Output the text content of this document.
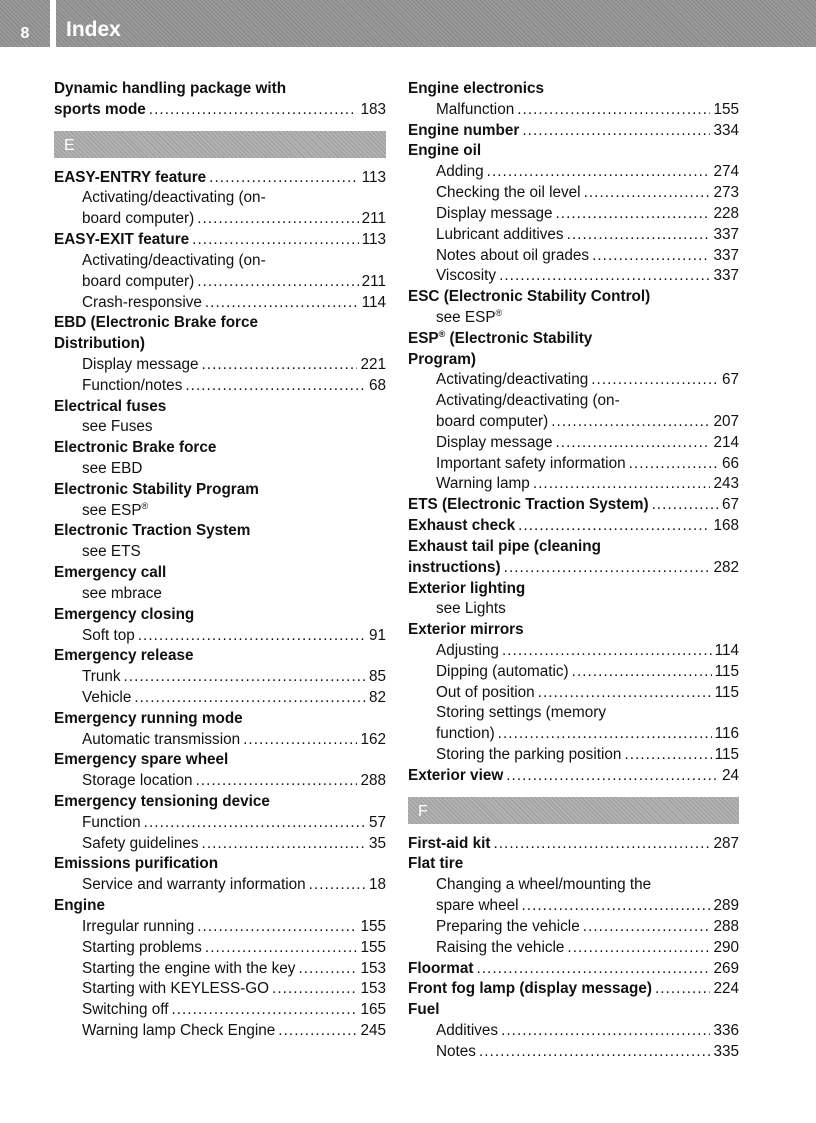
8	Index
Dynamic handling package with
sports mode . . .	183
E
EASY-ENTRY feature . . .	113
Activating/deactivating (on-
board computer) . . .	211
EASY-EXIT feature . . .	113
Activating/deactivating (on-
board computer) . . .	211
Crash-responsive . . .	114
EBD (Electronic Brake force
Distribution)
Display message . . .	221
Function/notes . . .	68
Electrical fuses
see Fuses
Electronic Brake force
see EBD
Electronic Stability Program
see ESP®
Electronic Traction System
see ETS
Emergency call
see mbrace
Emergency closing
Soft top . . .	91
Emergency release
Trunk . . .	85
Vehicle . . .	82
Emergency running mode
Automatic transmission . . .	162
Emergency spare wheel
Storage location . . .	288
Emergency tensioning device
Function . . .	57
Safety guidelines . . .	35
Emissions purification
Service and warranty information . . .	18
Engine
Irregular running . . .	155
Starting problems . . .	155
Starting the engine with the key . . .	153
Starting with KEYLESS-GO . . .	153
Switching off . . .	165
Warning lamp Check Engine . . .	245
Engine electronics
Malfunction . . .	155
Engine number . . .	334
Engine oil
Adding . . .	274
Checking the oil level . . .	273
Display message . . .	228
Lubricant additives . . .	337
Notes about oil grades . . .	337
Viscosity . . .	337
ESC (Electronic Stability Control)
see ESP®
ESP® (Electronic Stability
Program)
Activating/deactivating . . .	67
Activating/deactivating (on-
board computer) . . .	207
Display message . . .	214
Important safety information . . .	66
Warning lamp . . .	243
ETS (Electronic Traction System) . . .	67
Exhaust check . . .	168
Exhaust tail pipe (cleaning
instructions) . . .	282
Exterior lighting
see Lights
Exterior mirrors
Adjusting . . .	114
Dipping (automatic) . . .	115
Out of position . . .	115
Storing settings (memory
function) . . .	116
Storing the parking position . . .	115
Exterior view . . .	24
F
First-aid kit . . .	287
Flat tire
Changing a wheel/mounting the
spare wheel . . .	289
Preparing the vehicle . . .	288
Raising the vehicle . . .	290
Floormat . . .	269
Front fog lamp (display message) . . .	224
Fuel
Additives . . .	336
Notes . . .	335
